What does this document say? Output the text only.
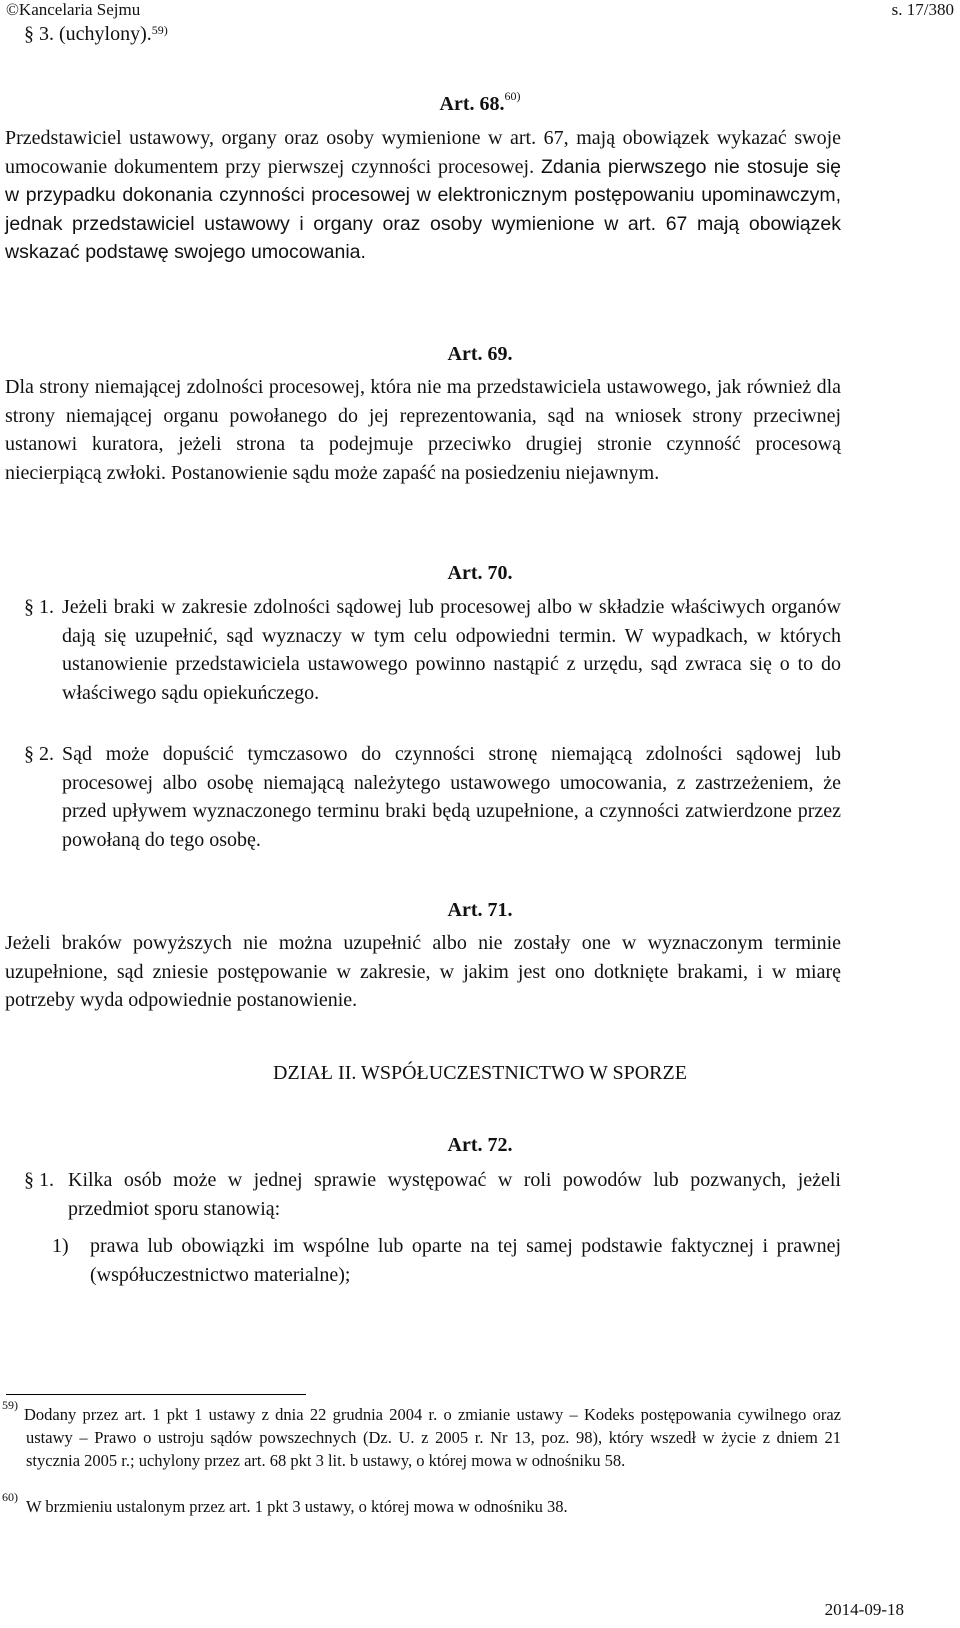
©Kancelaria Sejmu	s. 17/380

§ 3. (uchylony).$^{59)}$

Art. 68.$^{60)}$

Przedstawiciel ustawowy, organy oraz osoby wymienione w art. 67, mają obowiązek wykazać swoje umocowanie dokumentem przy pierwszej czynności procesowej. Zdania pierwszego nie stosuje się w przypadku dokonania czynności procesowej w elektronicznym postępowaniu upominawczym, jednak przedstawiciel ustawowy i organy oraz osoby wymienione w art. 67 mają obowiązek wskazać podstawę swojego umocowania.

Art. 69.

Dla strony niemającej zdolności procesowej, która nie ma przedstawiciela ustawowego, jak również dla strony niemającej organu powołanego do jej reprezentowania, sąd na wniosek strony przeciwnej ustanowi kuratora, jeżeli strona ta podejmuje przeciwko drugiej stronie czynność procesową niecierpiącą zwłoki. Postanowienie sądu może zapaść na posiedzeniu niejawnym.

Art. 70.

§ 1. Jeżeli braki w zakresie zdolności sądowej lub procesowej albo w składzie właściwych organów dają się uzupełnić, sąd wyznaczy w tym celu odpowiedni termin. W wypadkach, w których ustanowienie przedstawiciela ustawowego powinno nastąpić z urzędu, sąd zwraca się o to do właściwego sądu opiekuńczego.

§ 2. Sąd może dopuścić tymczasowo do czynności stronę niemającą zdolności sądowej lub procesowej albo osobę niemającą należytego ustawowego umocowania, z zastrzeżeniem, że przed upływem wyznaczonego terminu braki będą uzupełnione, a czynności zatwierdzone przez powołaną do tego osobę.

Art. 71.

Jeżeli braków powyższych nie można uzupełnić albo nie zostały one w wyznaczonym terminie uzupełnione, sąd zniesie postępowanie w zakresie, w jakim jest ono dotknięte brakami, i w miarę potrzeby wyda odpowiednie postanowienie.

DZIAŁ II. WSPÓŁUCZESTNICTWO W SPORZE

Art. 72.

§ 1. Kilka osób może w jednej sprawie występować w roli powodów lub pozwanych, jeżeli przedmiot sporu stanowią:

1) prawa lub obowiązki im wspólne lub oparte na tej samej podstawie faktycznej i prawnej (współuczestnictwo materialne);

59) Dodany przez art. 1 pkt 1 ustawy z dnia 22 grudnia 2004 r. o zmianie ustawy – Kodeks postępowania cywilnego oraz ustawy – Prawo o ustroju sądów powszechnych (Dz. U. z 2005 r. Nr 13, poz. 98), który wszedł w życie z dniem 21 stycznia 2005 r.; uchylony przez art. 68 pkt 3 lit. b ustawy, o której mowa w odnośniku 58.

60) W brzmieniu ustalonym przez art. 1 pkt 3 ustawy, o której mowa w odnośniku 38.

2014-09-18
